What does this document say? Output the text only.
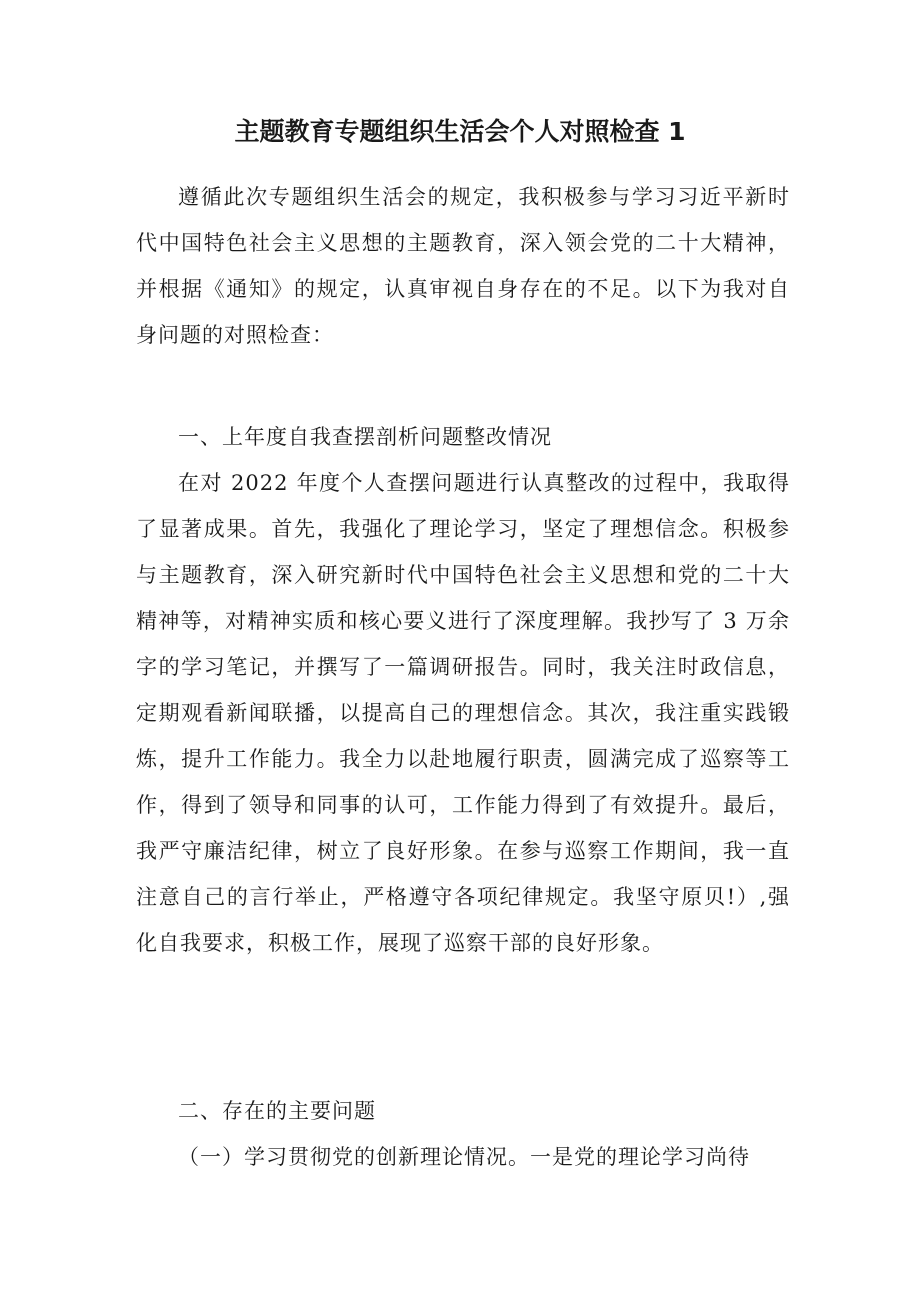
主题教育专题组织生活会个人对照检查 1

遵循此次专题组织生活会的规定，我积极参与学习习近平新时代中国特色社会主义思想的主题教育，深入领会党的二十大精神，并根据《通知》的规定，认真审视自身存在的不足。以下为我对自身问题的对照检查：

一、上年度自我查摆剖析问题整改情况

在对 2022 年度个人查摆问题进行认真整改的过程中，我取得了显著成果。首先，我强化了理论学习，坚定了理想信念。积极参与主题教育，深入研究新时代中国特色社会主义思想和党的二十大精神等，对精神实质和核心要义进行了深度理解。我抄写了 3 万余字的学习笔记，并撰写了一篇调研报告。同时，我关注时政信息，定期观看新闻联播，以提高自己的理想信念。其次，我注重实践锻炼，提升工作能力。我全力以赴地履行职责，圆满完成了巡察等工作，得到了领导和同事的认可，工作能力得到了有效提升。最后，我严守廉洁纪律，树立了良好形象。在参与巡察工作期间，我一直注意自己的言行举止，严格遵守各项纪律规定。我坚守原贝!）,强化自我要求，积极工作，展现了巡察干部的良好形象。

二、存在的主要问题

（一）学习贯彻党的创新理论情况。一是党的理论学习尚待
